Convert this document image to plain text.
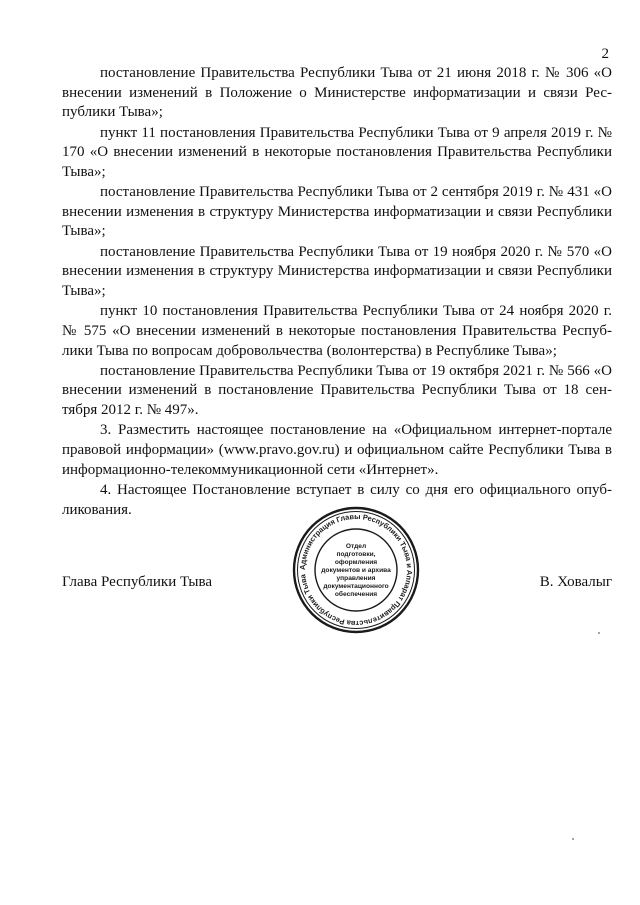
2

постановление Правительства Республики Тыва от 21 июня 2018 г. № 306 «О внесении изменений в Положение о Министерстве информатизации и связи Республики Тыва»;

пункт 11 постановления Правительства Республики Тыва от 9 апреля 2019 г. № 170 «О внесении изменений в некоторые постановления Правительства Республики Тыва»;

постановление Правительства Республики Тыва от 2 сентября 2019 г. № 431 «О внесении изменения в структуру Министерства информатизации и связи Республики Тыва»;

постановление Правительства Республики Тыва от 19 ноября 2020 г. № 570 «О внесении изменения в структуру Министерства информатизации и связи Республики Тыва»;

пункт 10 постановления Правительства Республики Тыва от 24 ноября 2020 г. № 575 «О внесении изменений в некоторые постановления Правительства Республики Тыва по вопросам добровольчества (волонтерства) в Республике Тыва»;

постановление Правительства Республики Тыва от 19 октября 2021 г. № 566 «О внесении изменений в постановление Правительства Республики Тыва от 18 сентября 2012 г. № 497».

3. Разместить настоящее постановление на «Официальном интернет-портале правовой информации» (www.pravo.gov.ru) и официальном сайте Республики Тыва в информационно-телекоммуникационной сети «Интернет».

4. Настоящее Постановление вступает в силу со дня его официального опубликования.

Глава Республики Тыва	В. Ховалыг
Администрация Главы Республики Тыва и Аппарат Правительства Республики Тыва
Отдел
подготовки,
оформления
документов и архива
управления
документационного
обеспечения
